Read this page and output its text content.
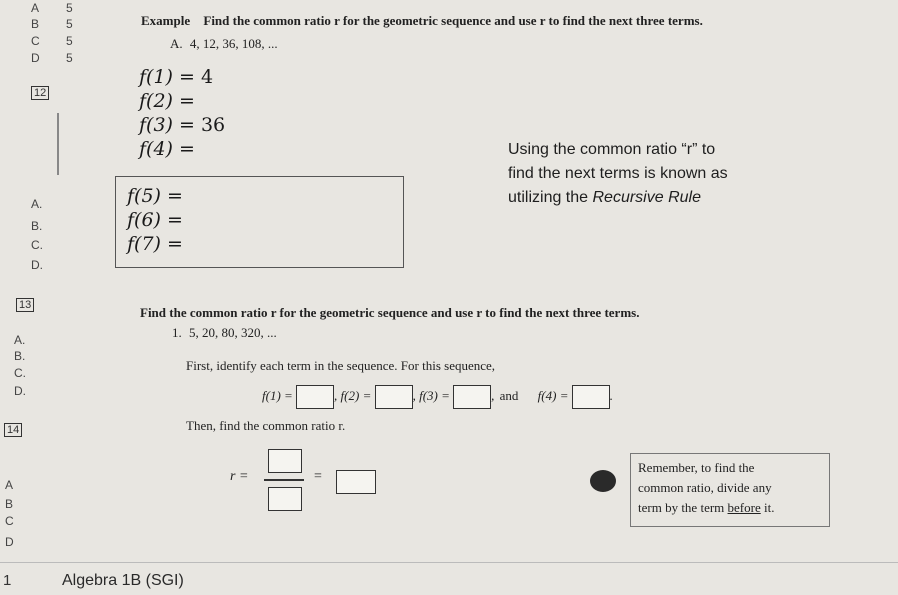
A 5
B 5
C 5
D 5
12
A.
B.
C.
D.
13
A.
B.
C.
D.
14
A
B
C
D
1
Example Find the common ratio r for the geometric sequence and use r to find the next three terms.
A. 4, 12, 36, 108, ...
f(1) = 4
f(2) =
f(3) = 36
f(4) =
f(5) =
f(6) =
f(7) =
Using the common ratio “r” to
find the next terms is known as
utilizing the Recursive Rule
Find the common ratio r for the geometric sequence and use r to find the next three terms.
1. 5, 20, 80, 320, ...
First, identify each term in the sequence. For this sequence,
f(1) =	, f(2) =	, f(3) =	, and f(4) =	.
Then, find the common ratio r.
r =	=
Remember, to find the
common ratio, divide any
term by the term before it.
Algebra 1B (SGI)
